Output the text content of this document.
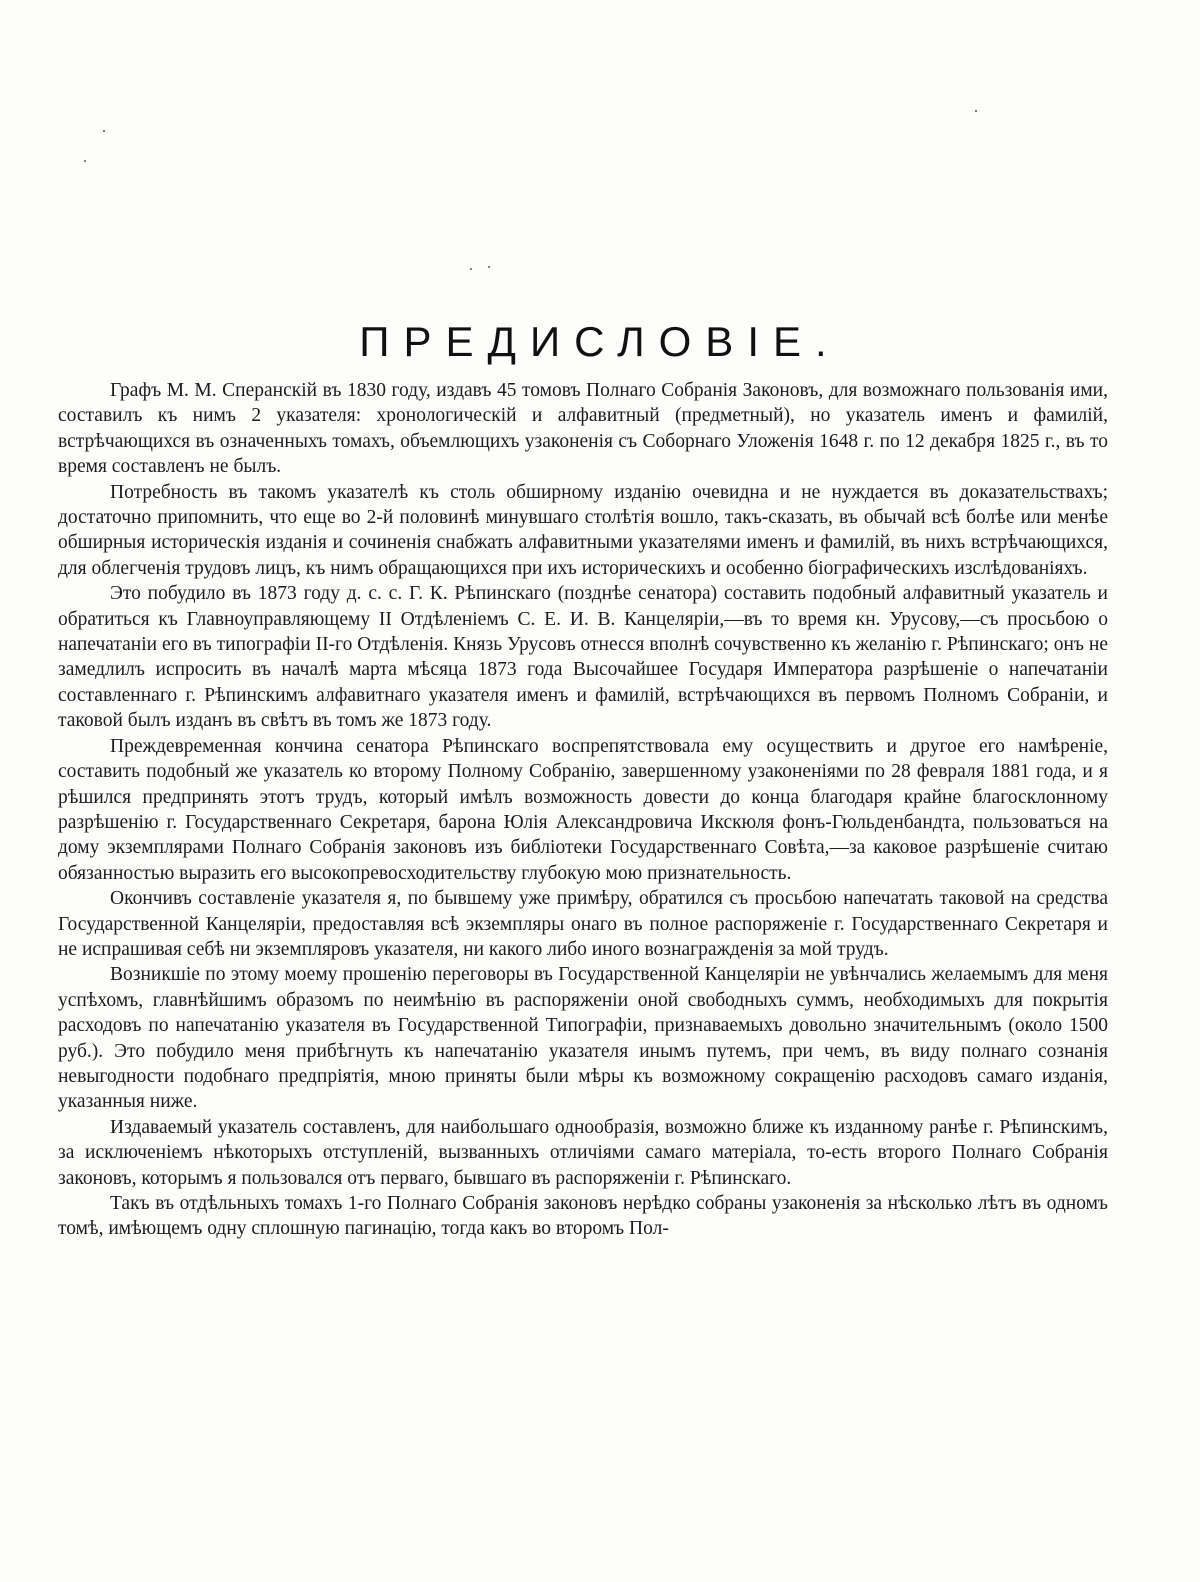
ПРЕДИСЛОВІЕ.

Графъ М. М. Сперанскій въ 1830 году, издавъ 45 томовъ Полнаго Собранія Законовъ, для возможнаго пользованія ими, составилъ къ нимъ 2 указателя: хронологическій и алфавитный (предметный), но указатель именъ и фамилій, встрѣчающихся въ означенныхъ томахъ, объемлющихъ узаконенія съ Соборнаго Уложенія 1648 г. по 12 декабря 1825 г., въ то время составленъ не былъ.

Потребность въ такомъ указателѣ къ столь обширному изданію очевидна и не нуждается въ доказательствахъ; достаточно припомнить, что еще во 2-й половинѣ минувшаго столѣтія вошло, такъ-сказать, въ обычай всѣ болѣе или менѣе обширныя историческія изданія и сочиненія снабжать алфавитными указателями именъ и фамилій, въ нихъ встрѣчающихся, для облегченія трудовъ лицъ, къ нимъ обращающихся при ихъ историческихъ и особенно біографическихъ изслѣдованіяхъ.

Это побудило въ 1873 году д. с. с. Г. К. Рѣпинскаго (позднѣе сенатора) составить подобный алфавитный указатель и обратиться къ Главноуправляющему II Отдѣленіемъ С. Е. И. В. Канцеляріи,—въ то время кн. Урусову,—съ просьбою о напечатаніи его въ типографіи II-го Отдѣленія. Князь Урусовъ отнесся вполнѣ сочувственно къ желанію г. Рѣпинскаго; онъ не замедлилъ испросить въ началѣ марта мѣсяца 1873 года Высочайшее Государя Императора разрѣшеніе о напечатаніи составленнаго г. Рѣпинскимъ алфавитнаго указателя именъ и фамилій, встрѣчающихся въ первомъ Полномъ Собраніи, и таковой былъ изданъ въ свѣтъ въ томъ же 1873 году.

Преждевременная кончина сенатора Рѣпинскаго воспрепятствовала ему осуществить и другое его намѣреніе, составить подобный же указатель ко второму Полному Собранію, завершенному узаконеніями по 28 февраля 1881 года, и я рѣшился предпринять этотъ трудъ, который имѣлъ возможность довести до конца благодаря крайне благосклонному разрѣшенію г. Государственнаго Секретаря, барона Юлія Александровича Икскюля фонъ-Гюльденбандта, пользоваться на дому экземплярами Полнаго Собранія законовъ изъ библіотеки Государственнаго Совѣта,—за каковое разрѣшеніе считаю обязанностью выразить его высокопревосходительству глубокую мою признательность.

Окончивъ составленіе указателя я, по бывшему уже примѣру, обратился съ просьбою напечатать таковой на средства Государственной Канцеляріи, предоставляя всѣ экземпляры онаго въ полное распоряженіе г. Государственнаго Секретаря и не испрашивая себѣ ни экземпляровъ указателя, ни какого либо иного вознагражденія за мой трудъ.

Возникшіе по этому моему прошенію переговоры въ Государственной Канцеляріи не увѣнчались желаемымъ для меня успѣхомъ, главнѣйшимъ образомъ по неимѣнію въ распоряженіи оной свободныхъ суммъ, необходимыхъ для покрытія расходовъ по напечатанію указателя въ Государственной Типографіи, признаваемыхъ довольно значительнымъ (около 1500 руб.). Это побудило меня прибѣгнуть къ напечатанію указателя инымъ путемъ, при чемъ, въ виду полнаго сознанія невыгодности подобнаго предпріятія, мною приняты были мѣры къ возможному сокращенію расходовъ самаго изданія, указанныя ниже.

Издаваемый указатель составленъ, для наибольшаго однообразія, возможно ближе къ изданному ранѣе г. Рѣпинскимъ, за исключеніемъ нѣкоторыхъ отступленій, вызванныхъ отличіями самаго матеріала, то-есть второго Полнаго Собранія законовъ, которымъ я пользовался отъ перваго, бывшаго въ распоряженіи г. Рѣпинскаго.

Такъ въ отдѣльныхъ томахъ 1-го Полнаго Собранія законовъ нерѣдко собраны узаконенія за нѣсколько лѣтъ въ одномъ томѣ, имѣющемъ одну сплошную пагинацію, тогда какъ во второмъ Пол-
